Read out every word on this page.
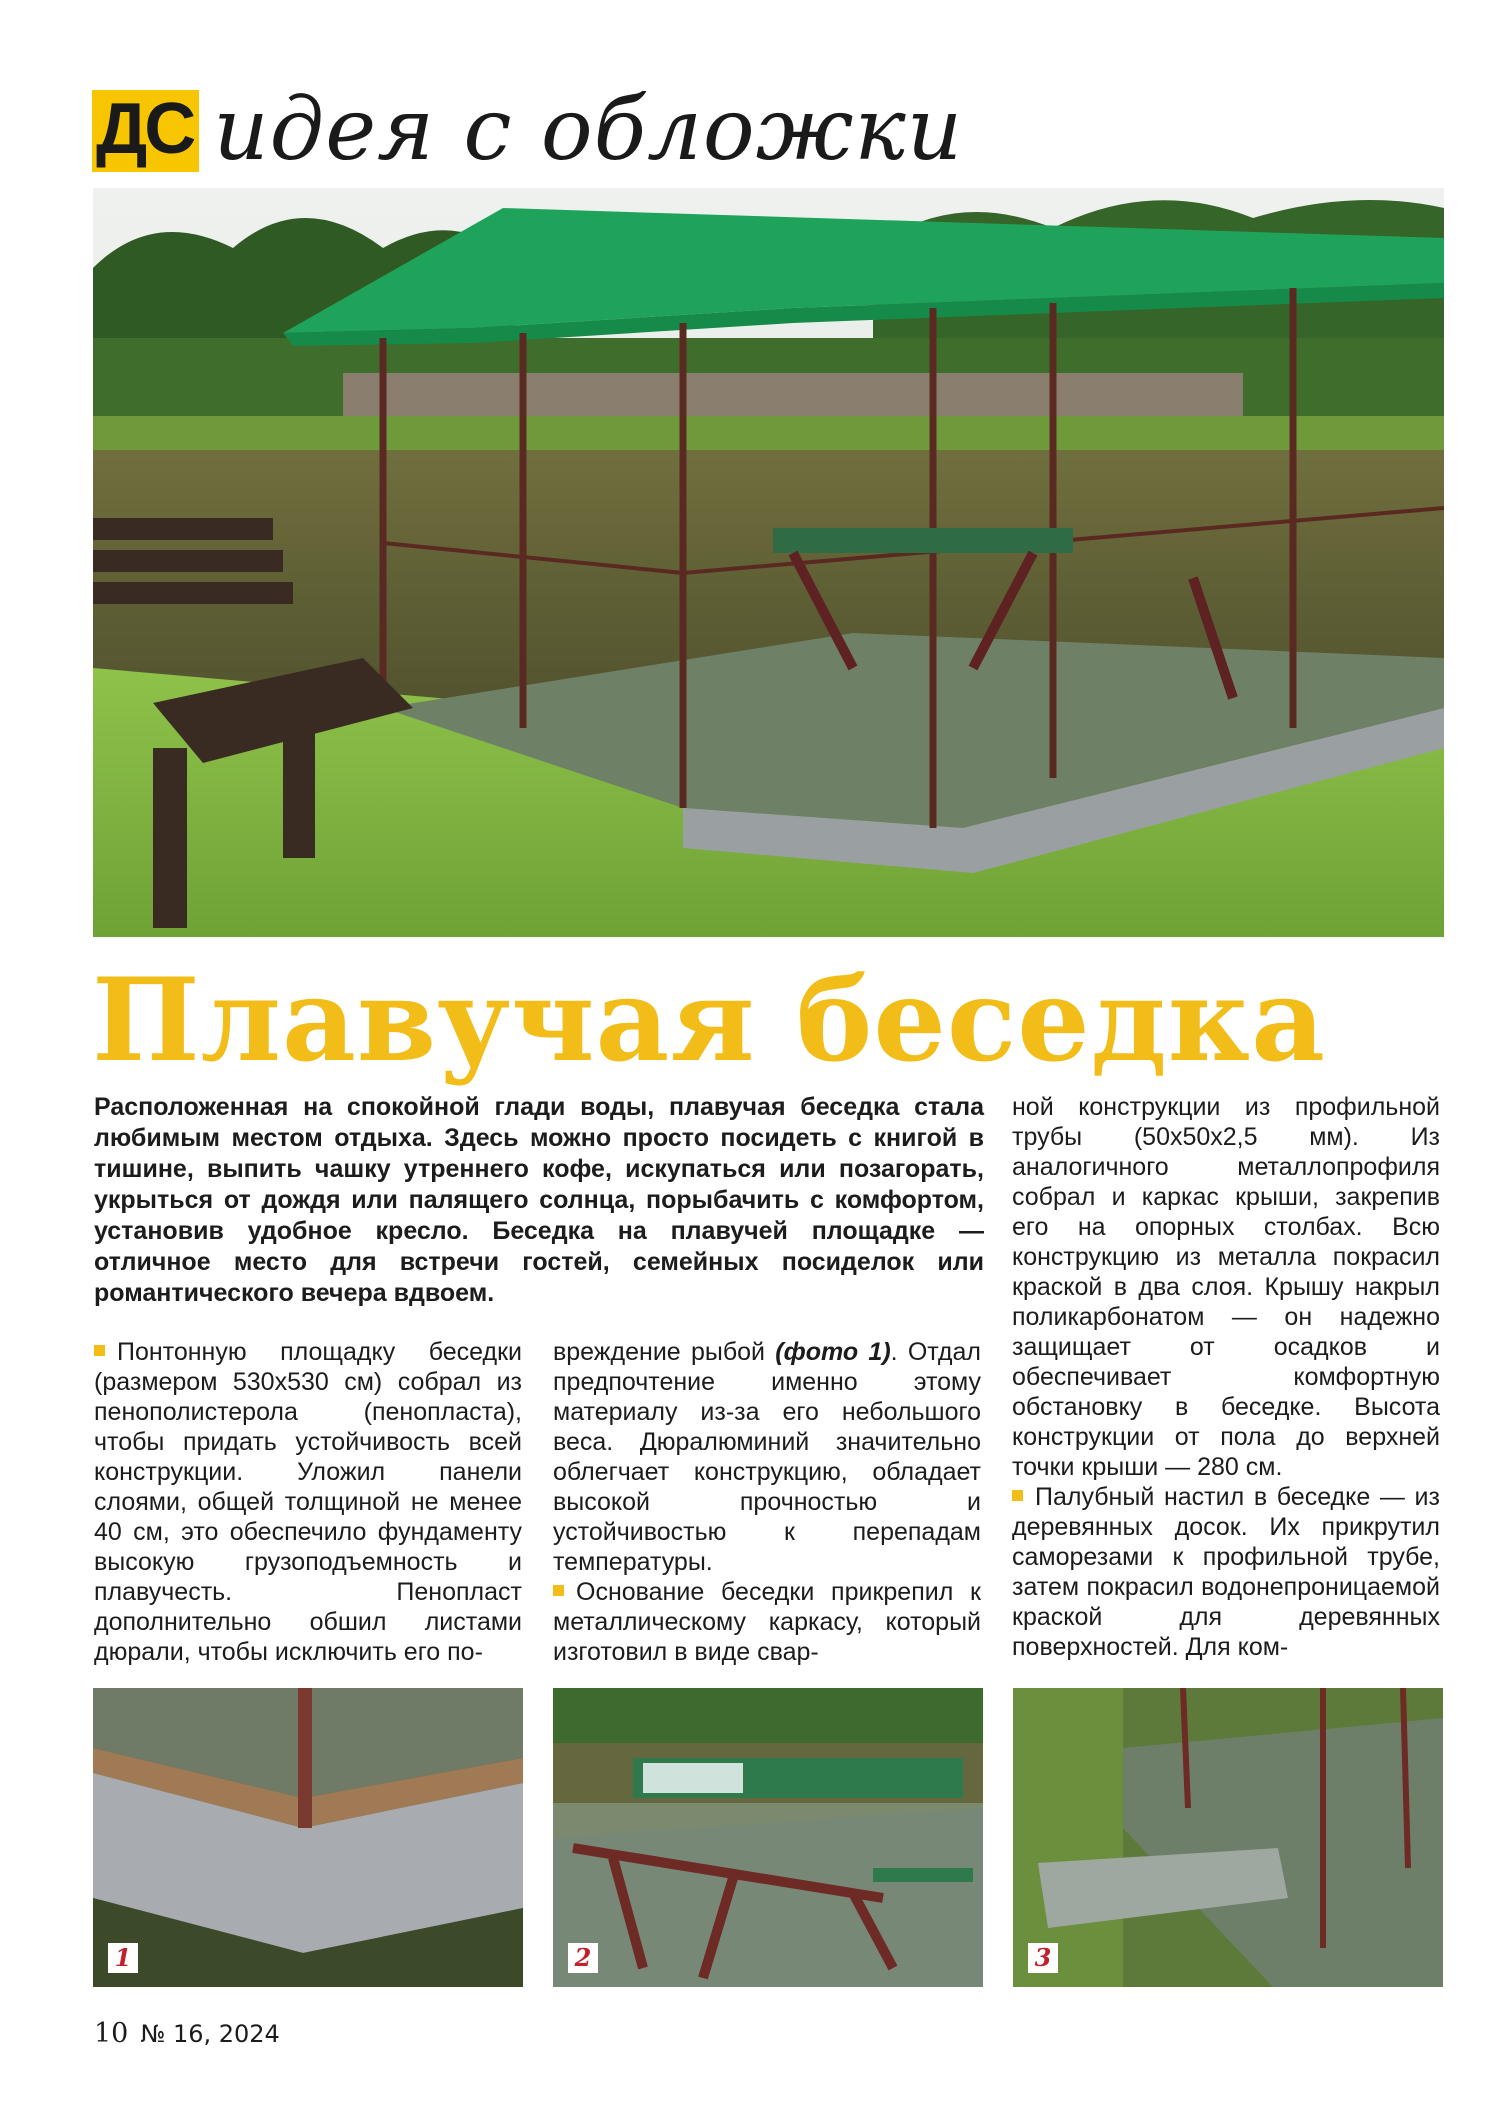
ДС идея с обложки
Плавучая беседка
Расположенная на спокойной глади воды, плавучая беседка стала любимым местом отдыха. Здесь можно просто посидеть с книгой в тишине, выпить чашку утреннего кофе, искупаться или позагорать, укрыться от дождя или палящего солнца, порыбачить с комфортом, установив удобное кресло. Беседка на плавучей площадке — отличное место для встречи гостей, семейных посиделок или романтического вечера вдвоем.

Понтонную площадку беседки (размером 530х530 см) собрал из пенополистерола (пенопласта), чтобы придать устойчивость всей конструкции. Уложил панели слоями, общей толщиной не менее 40 см, это обеспечило фундаменту высокую грузоподъемность и плавучесть. Пенопласт дополнительно обшил листами дюрали, чтобы исключить его по-

вреждение рыбой (фото 1). Отдал предпочтение именно этому материалу из-за его небольшого веса. Дюралюминий значительно облегчает конструкцию, обладает высокой прочностью и устойчивостью к перепадам температуры.

Основание беседки прикрепил к металлическому каркасу, который изготовил в виде свар-

ной конструкции из профильной трубы (50х50х2,5 мм). Из аналогичного металлопрофиля собрал и каркас крыши, закрепив его на опорных столбах. Всю конструкцию из металла покрасил краской в два слоя. Крышу накрыл поликарбонатом — он надежно защищает от осадков и обеспечивает комфортную обстановку в беседке. Высота конструкции от пола до верхней точки крыши — 280 см.

Палубный настил в беседке — из деревянных досок. Их прикрутил саморезами к профильной трубе, затем покрасил водонепроницаемой краской для деревянных поверхностей. Для ком-

1	2	3
10 № 16, 2024
